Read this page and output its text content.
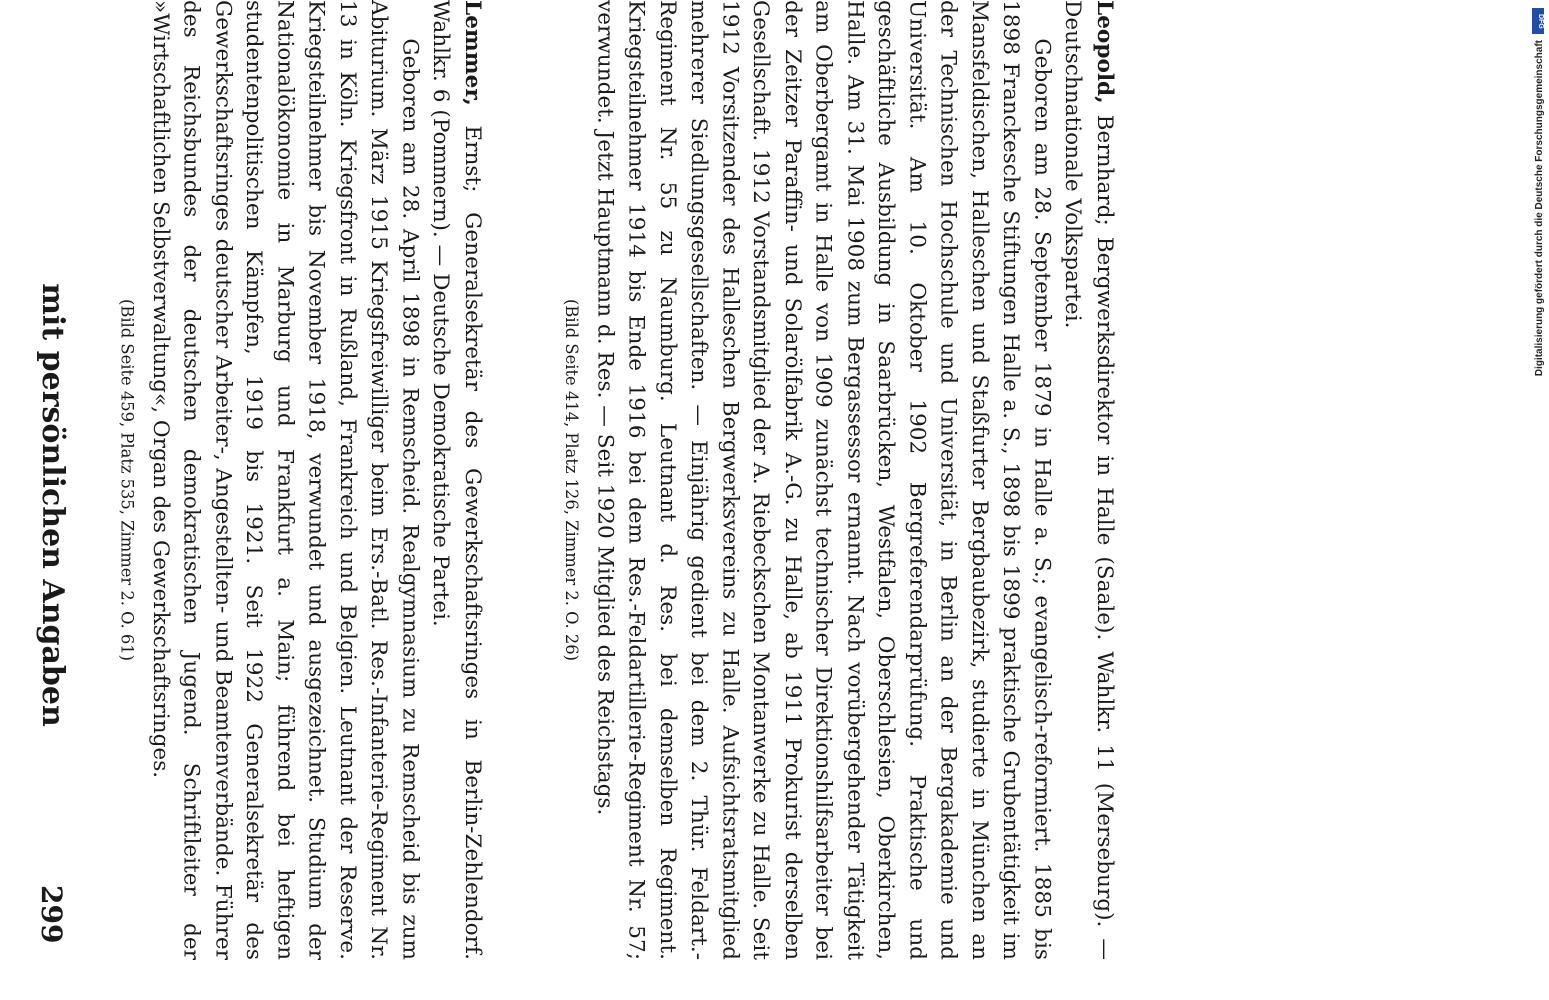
mit persönlichen Angaben
299

Lemmer, Ernst; Generalsekretär des Gewerkschaftsringes in Berlin-Zehlendorf. Wahlkr. 6 (Pommern). — Deutsche Demokratische Partei.

Geboren am 28. April 1898 in Remscheid. Realgymnasium zu Remscheid bis zum Abiturium. März 1915 Kriegsfreiwilliger beim Ers.-Batl. Res.-Infanterie-Regiment Nr. 13 in Köln. Kriegsfront in Rußland, Frankreich und Belgien. Leutnant der Reserve. Kriegsteilnehmer bis November 1918, verwundet und ausgezeichnet. Studium der Nationalökonomie in Marburg und Frankfurt a. Main; führend bei heftigen studentenpolitischen Kämpfen, 1919 bis 1921. Seit 1922 Generalsekretär des Gewerkschaftsringes deutscher Arbeiter-, Angestellten- und Beamtenverbände. Führer des Reichsbundes der deutschen demokratischen Jugend. Schriftleiter der »Wirtschaftlichen Selbstverwaltung«, Organ des Gewerkschaftsringes.

(Bild Seite 459, Platz 535, Zimmer 2. O. 61)

Leopold, Bernhard; Bergwerksdirektor in Halle (Saale). Wahlkr. 11 (Merseburg). — Deutschnationale Volkspartei.

Geboren am 28. September 1879 in Halle a. S.; evangelisch-reformiert. 1885 bis 1898 Franckesche Stiftungen Halle a. S., 1898 bis 1899 praktische Grubentätigkeit im Mansfeldischen, Halleschen und Staßfurter Bergbaubezirk, studierte in München an der Technischen Hochschule und Universität, in Berlin an der Bergakademie und Universität. Am 10. Oktober 1902 Bergreferendarprüfung. Praktische und geschäftliche Ausbildung in Saarbrücken, Westfalen, Oberschlesien, Oberkirchen, Halle. Am 31. Mai 1908 zum Bergassessor ernannt. Nach vorübergehender Tätigkeit am Oberbergamt in Halle von 1909 zunächst technischer Direktionshilfsarbeiter bei der Zeitzer Paraffin- und Solarölfabrik A.-G. zu Halle, ab 1911 Prokurist derselben Gesellschaft. 1912 Vorstandsmitglied der A. Riebeckschen Montanwerke zu Halle. Seit 1912 Vorsitzender des Halleschen Bergwerksvereins zu Halle. Aufsichtsratsmitglied mehrerer Siedlungsgesellschaften. — Einjährig gedient bei dem 2. Thür. Feldart.-Regiment Nr. 55 zu Naumburg. Leutnant d. Res. bei demselben Regiment. Kriegsteilnehmer 1914 bis Ende 1916 bei dem Res.-Feldartillerie-Regiment Nr. 57; verwundet. Jetzt Hauptmann d. Res. — Seit 1920 Mitglied des Reichstags.

(Bild Seite 414, Platz 126, Zimmer 2. O. 26)

DFG
Digitalisierung gefördert durch die Deutsche Forschungsgemeinschaft
